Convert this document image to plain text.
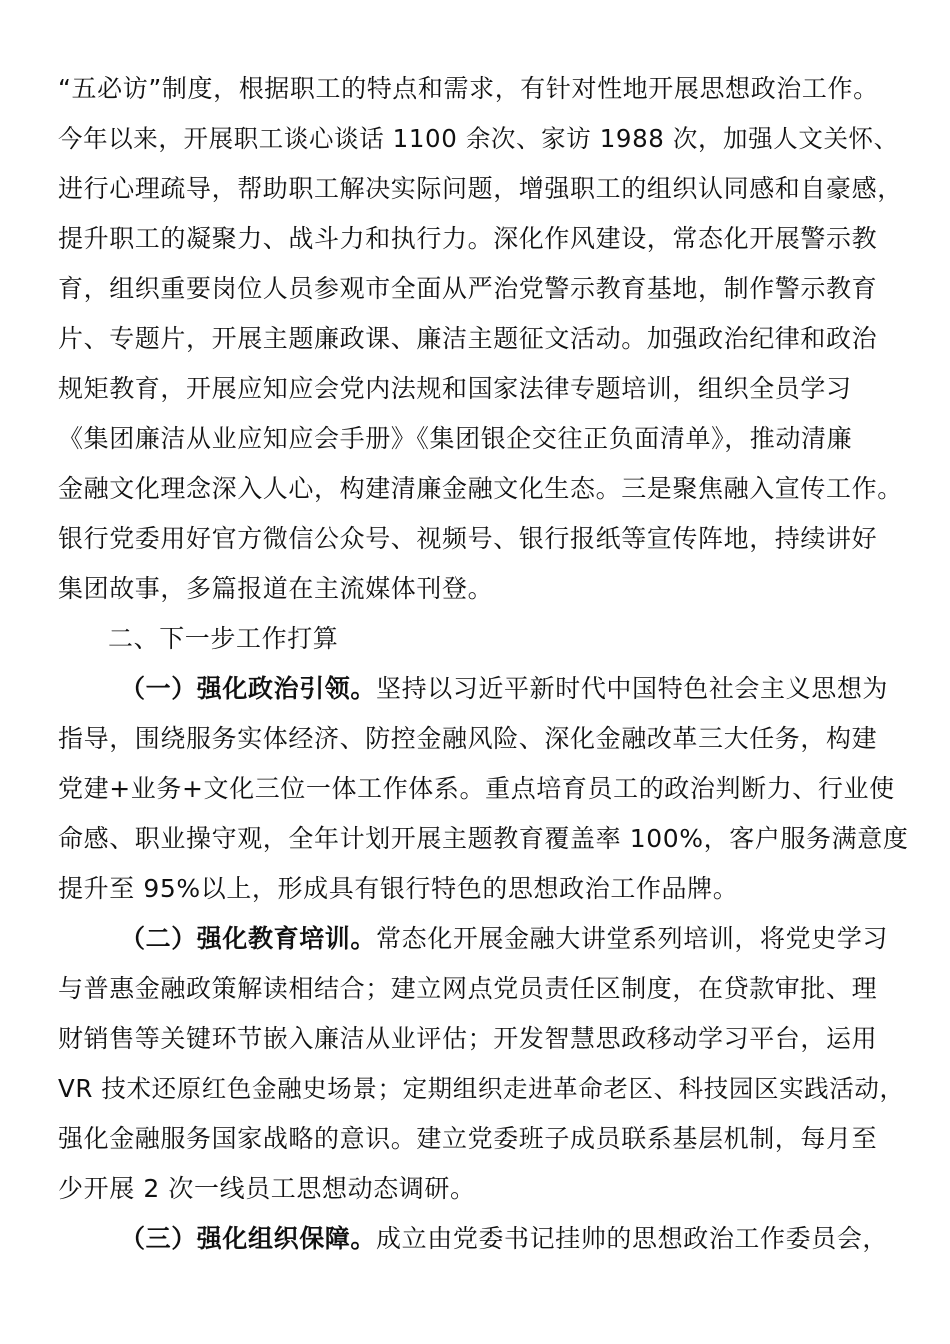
“五必访”制度，根据职工的特点和需求，有针对性地开展思想政治工作。
今年以来，开展职工谈心谈话 1100 余次、家访 1988 次，加强人文关怀、
进行心理疏导，帮助职工解决实际问题，增强职工的组织认同感和自豪感，
提升职工的凝聚力、战斗力和执行力。深化作风建设，常态化开展警示教
育，组织重要岗位人员参观市全面从严治党警示教育基地，制作警示教育
片、专题片，开展主题廉政课、廉洁主题征文活动。加强政治纪律和政治
规矩教育，开展应知应会党内法规和国家法律专题培训，组织全员学习
《集团廉洁从业应知应会手册》《集团银企交往正负面清单》，推动清廉
金融文化理念深入人心，构建清廉金融文化生态。三是聚焦融入宣传工作。
银行党委用好官方微信公众号、视频号、银行报纸等宣传阵地，持续讲好
集团故事，多篇报道在主流媒体刊登。
二、下一步工作打算
（一）强化政治引领。坚持以习近平新时代中国特色社会主义思想为
指导，围绕服务实体经济、防控金融风险、深化金融改革三大任务，构建
党建+业务+文化三位一体工作体系。重点培育员工的政治判断力、行业使
命感、职业操守观，全年计划开展主题教育覆盖率 100%，客户服务满意度
提升至 95%以上，形成具有银行特色的思想政治工作品牌。
（二）强化教育培训。常态化开展金融大讲堂系列培训，将党史学习
与普惠金融政策解读相结合；建立网点党员责任区制度，在贷款审批、理
财销售等关键环节嵌入廉洁从业评估；开发智慧思政移动学习平台，运用
VR 技术还原红色金融史场景；定期组织走进革命老区、科技园区实践活动，
强化金融服务国家战略的意识。建立党委班子成员联系基层机制，每月至
少开展 2 次一线员工思想动态调研。
（三）强化组织保障。成立由党委书记挂帅的思想政治工作委员会，
